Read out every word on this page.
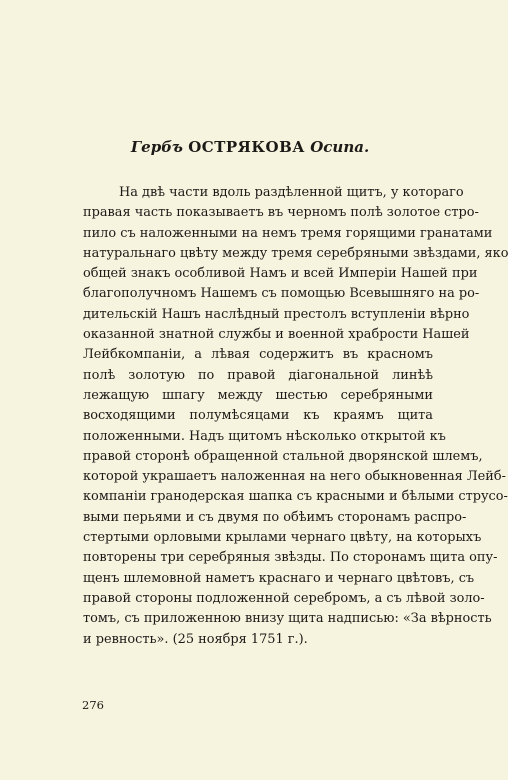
Гербъ ОСТРЯКОВА Осипа.
На двѣ части вдоль раздѣленной щитъ, у котораго
правая часть показываетъ въ черномъ полѣ золотое стро-
пило съ наложенными на немъ тремя горящими гранатами
натуральнаго цвѣту между тремя серебряными звѣздами, яко
общей знакъ особливой Намъ и всей Имперіи Нашей при
благополучномъ Нашемъ съ помощью Всевышняго на ро-
дительскій Нашъ наслѣдный престолъ вступленіи вѣрно
оказанной знатной службы и военной храбрости Нашей
Лейбкомпаніи, а лѣвая содержитъ въ красномъ
полѣ золотую по правой діагональной линѣѣ
лежащую шпагу между шестью серебряными
восходящими полумѣсяцами къ краямъ щита
положенными. Надъ щитомъ нѣсколько открытой къ
правой сторонѣ обращенной стальной дворянской шлемъ,
которой украшаетъ наложенная на него обыкновенная Лейб-
компаніи гранодерская шапка съ красными и бѣлыми струсо-
выми перьями и съ двумя по обѣимъ сторонамъ распро-
стертыми орловыми крылами чернаго цвѣту, на которыхъ
повторены три серебряныя звѣзды. По сторонамъ щита опу-
щенъ шлемовной наметъ краснаго и чернаго цвѣтовъ, съ
правой стороны подложенной серебромъ, а съ лѣвой золо-
томъ, съ приложенною внизу щита надписью: «За вѣрность
и ревность». (25 ноября 1751 г.).

276
